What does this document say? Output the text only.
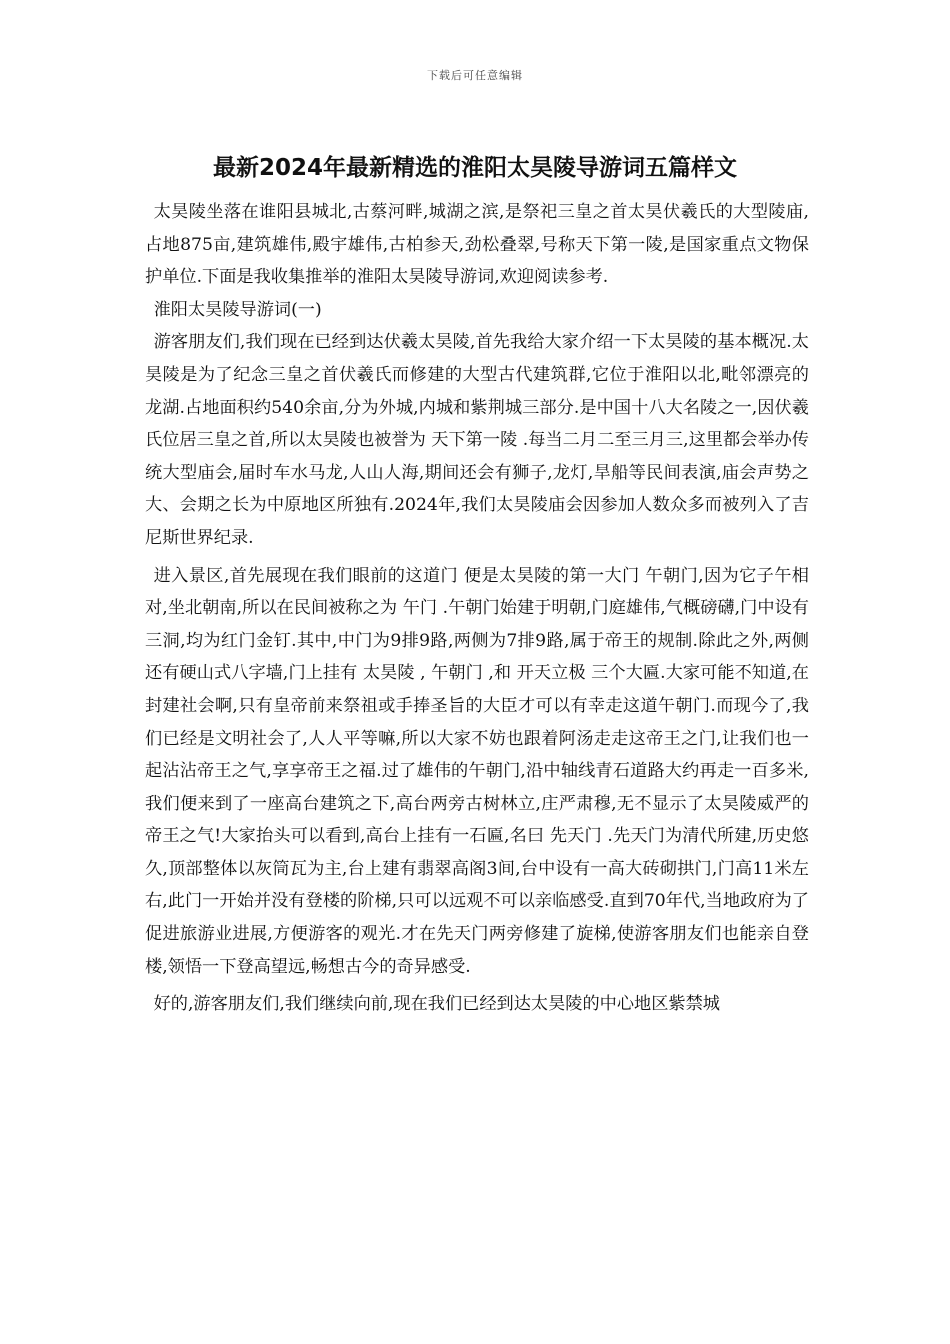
下载后可任意编辑
最新2024年最新精选的淮阳太昊陵导游词五篇样文

太昊陵坐落在谁阳县城北,古蔡河畔,城湖之滨,是祭祀三皇之首太昊伏羲氏的大型陵庙,占地875亩,建筑雄伟,殿宇雄伟,古柏参天,劲松叠翠,号称天下第一陵,是国家重点文物保护单位.下面是我收集推举的淮阳太昊陵导游词,欢迎阅读参考.

淮阳太昊陵导游词(一)

游客朋友们,我们现在已经到达伏羲太昊陵,首先我给大家介绍一下太昊陵的基本概况.太昊陵是为了纪念三皇之首伏羲氏而修建的大型古代建筑群,它位于淮阳以北,毗邻漂亮的龙湖.占地面积约540余亩,分为外城,内城和紫荆城三部分.是中国十八大名陵之一,因伏羲氏位居三皇之首,所以太昊陵也被誉为 天下第一陵 .每当二月二至三月三,这里都会举办传统大型庙会,届时车水马龙,人山人海,期间还会有狮子,龙灯,旱船等民间表演,庙会声势之大、会期之长为中原地区所独有.2024年,我们太昊陵庙会因参加人数众多而被列入了吉尼斯世界纪录.

进入景区,首先展现在我们眼前的这道门 便是太昊陵的第一大门 午朝门,因为它子午相对,坐北朝南,所以在民间被称之为 午门 .午朝门始建于明朝,门庭雄伟,气概磅礴,门中设有三洞,均为红门金钉.其中,中门为9排9路,两侧为7排9路,属于帝王的规制.除此之外,两侧还有硬山式八字墙,门上挂有 太昊陵 , 午朝门 ,和 开天立极 三个大匾.大家可能不知道,在封建社会啊,只有皇帝前来祭祖或手捧圣旨的大臣才可以有幸走这道午朝门.而现今了,我们已经是文明社会了,人人平等嘛,所以大家不妨也跟着阿汤走走这帝王之门,让我们也一起沾沾帝王之气,享享帝王之福.过了雄伟的午朝门,沿中轴线青石道路大约再走一百多米,我们便来到了一座高台建筑之下,高台两旁古树林立,庄严肃穆,无不显示了太昊陵威严的帝王之气!大家抬头可以看到,高台上挂有一石匾,名曰 先天门 .先天门为清代所建,历史悠久,顶部整体以灰筒瓦为主,台上建有翡翠高阁3间,台中设有一高大砖砌拱门,门高11米左右,此门一开始并没有登楼的阶梯,只可以远观不可以亲临感受.直到70年代,当地政府为了促进旅游业进展,方便游客的观光.才在先天门两旁修建了旋梯,使游客朋友们也能亲自登楼,领悟一下登高望远,畅想古今的奇异感受.

好的,游客朋友们,我们继续向前,现在我们已经到达太昊陵的中心地区紫禁城
